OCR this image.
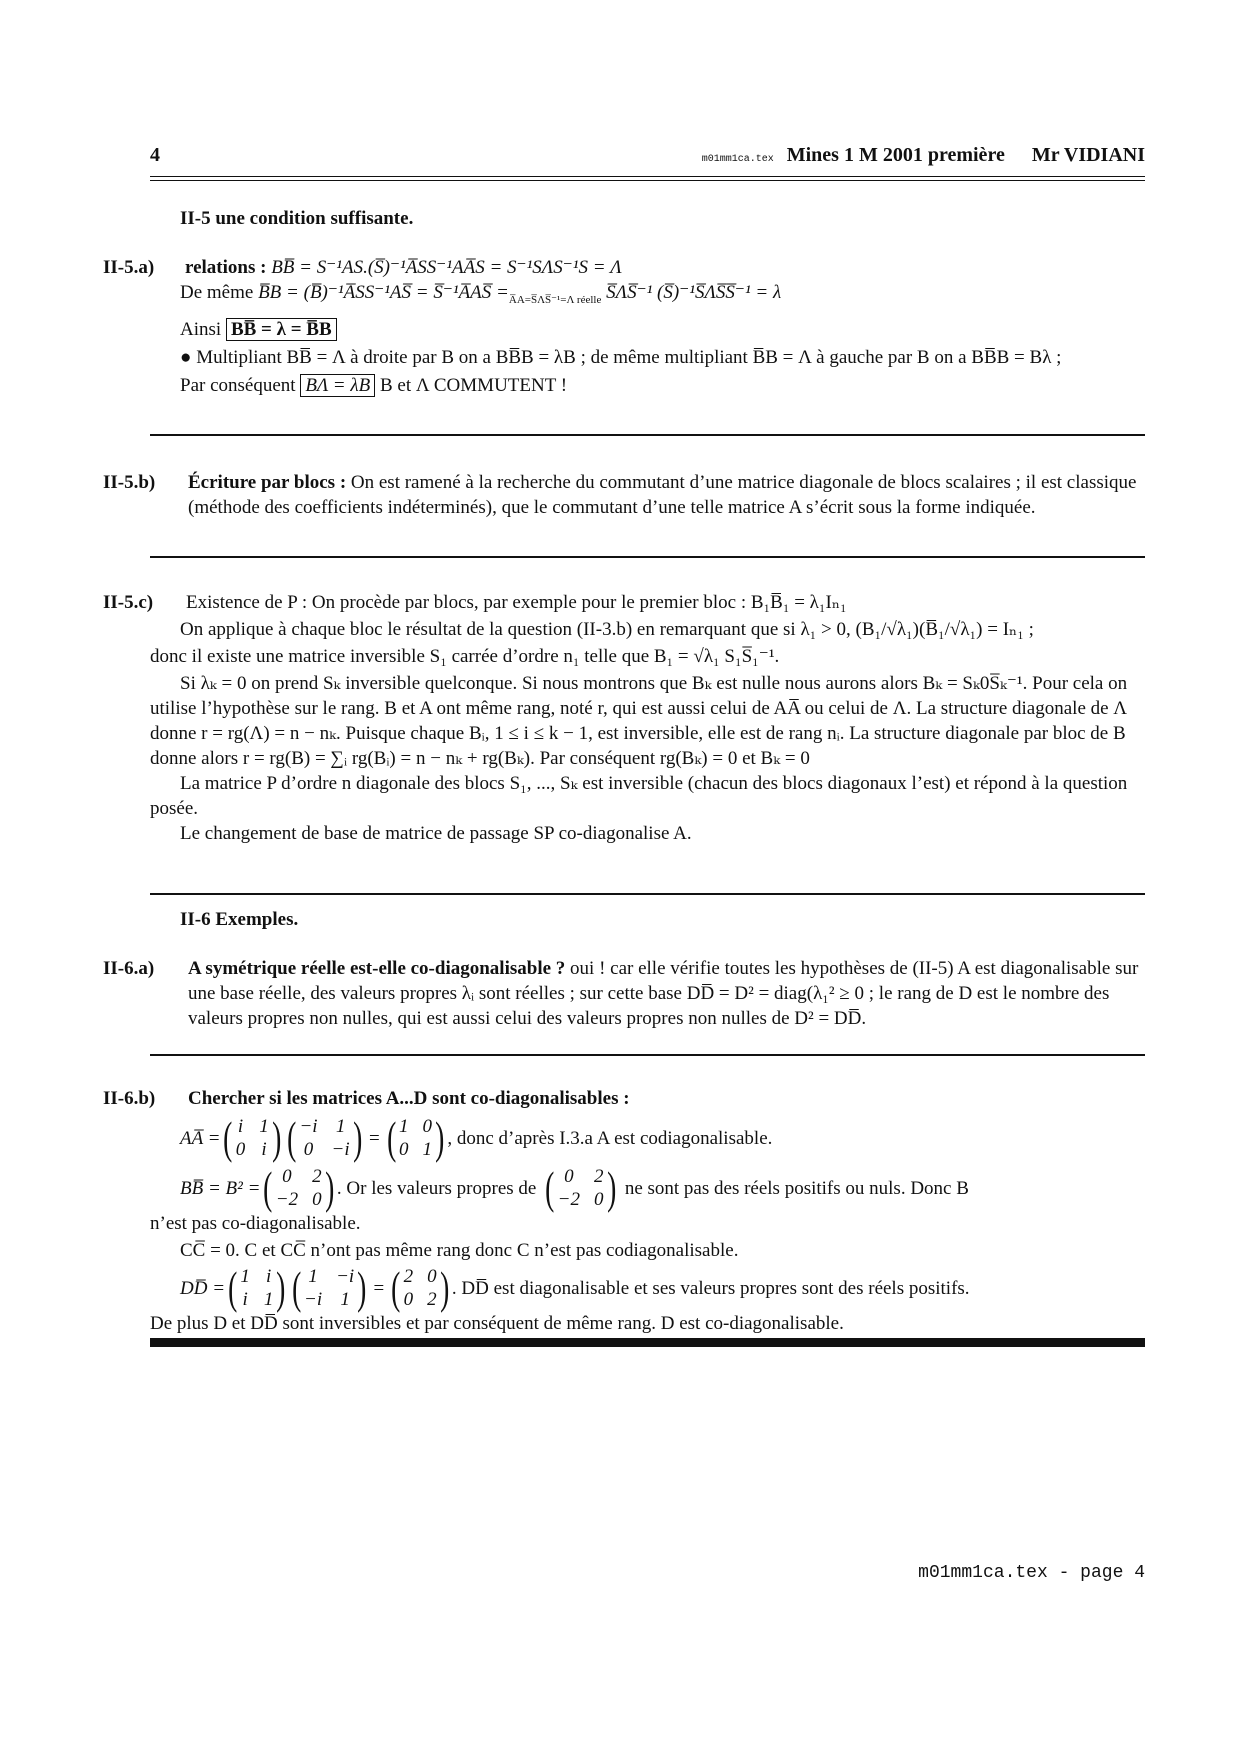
4	m01mm1ca.tex Mines 1 M 2001 première Mr VIDIANI
II-5 une condition suffisante.
II-5.a)	relations : BB̅ = S⁻¹AS.(S̅)⁻¹A̅SS⁻¹AA̅S = S⁻¹SΛS⁻¹S = Λ

De même B̅B = (B̅)⁻¹A̅SS⁻¹AS̅ = S̅⁻¹A̅AS̅ $=_{A̅A=S̅\Lambda S̅^{-1}=\Lambda réelle}$ S̅ΛS̅⁻¹ (S̅)⁻¹S̅ΛS̅S̅⁻¹ = λ

Ainsi BB̅ = λ = B̅B

● Multipliant BB̅ = Λ à droite par B on a BB̅B = λB ; de même multipliant B̅B = Λ à gauche par B on a BB̅B = Bλ ;

Par conséquent BΛ = λB B et Λ COMMUTENT !

II-5.b)	Écriture par blocs : On est ramené à la recherche du commutant d’une matrice diagonale de blocs scalaires ; il est classique (méthode des coefficients indéterminés), que le commutant d’une telle matrice A s’écrit sous la forme indiquée.

II-5.c)	Existence de P : On procède par blocs, par exemple pour le premier bloc : B₁B̅₁ = λ₁Iₙ₁

On applique à chaque bloc le résultat de la question (II-3.b) en remarquant que si λ₁ > 0, (B₁/√λ₁)(B̅₁/√λ₁) = Iₙ₁ ;

donc il existe une matrice inversible S₁ carrée d’ordre n₁ telle que B₁ = √λ₁ S₁S̅₁⁻¹.

Si λₖ = 0 on prend Sₖ inversible quelconque. Si nous montrons que Bₖ est nulle nous aurons alors Bₖ = Sₖ0S̅ₖ⁻¹. Pour cela on utilise l’hypothèse sur le rang. B et A ont même rang, noté r, qui est aussi celui de AA̅ ou celui de Λ. La structure diagonale de Λ donne r = rg(Λ) = n − nₖ. Puisque chaque Bᵢ, 1 ≤ i ≤ k − 1, est inversible, elle est de rang nᵢ. La structure diagonale par bloc de B donne alors r = rg(B) = ∑ᵢ rg(Bᵢ) = n − nₖ + rg(Bₖ). Par conséquent rg(Bₖ) = 0 et Bₖ = 0

La matrice P d’ordre n diagonale des blocs S₁, ..., Sₖ est inversible (chacun des blocs diagonaux l’est) et répond à la question posée.

Le changement de base de matrice de passage SP co-diagonalise A.

II-6 Exemples.
II-6.a)	A symétrique réelle est-elle co-diagonalisable ? oui ! car elle vérifie toutes les hypothèses de (II-5) A est diagonalisable sur une base réelle, des valeurs propres λᵢ sont réelles ; sur cette base DD̅ = D² = diag(λ₁² ≥ 0 ; le rang de D est le nombre des valeurs propres non nulles, qui est aussi celui des valeurs propres non nulles de D² = DD̅.

II-6.b)	Chercher si les matrices A...D sont co-diagonalisables :

AA̅ = ( i 1
0 i ) ( −i 1
0 −i ) = ( 1 0
0 1 ) , donc d’après I.3.a A est codiagonalisable.
BB̅ = B² = ( 0	2
−2 0 ) . Or les valeurs propres de ( 0	2
−2 0 ) ne sont pas des réels positifs ou nuls. Donc B

n’est pas co-diagonalisable.

CC̅ = 0. C et CC̅ n’ont pas même rang donc C n’est pas codiagonalisable.

DD̅ = ( 1 i
i 1 ) ( 1 −i
−i 1 ) = ( 2 0
0 2 ) . DD̅ est diagonalisable et ses valeurs propres sont des réels positifs.

De plus D et DD̅ sont inversibles et par conséquent de même rang. D est co-diagonalisable.

m01mm1ca.tex - page 4
